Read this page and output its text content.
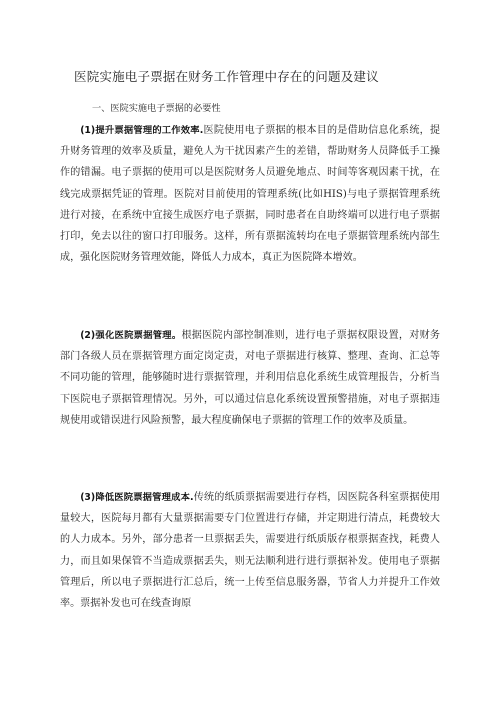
医院实施电子票据在财务工作管理中存在的问题及建议
一、医院实施电子票据的必要性

(1)提升票据管理的工作效率.医院使用电子票据的根本目的是借助信息化系统，提升财务管理的效率及质量，避免人为干扰因素产生的差错，帮助财务人员降低手工操作的错漏。电子票据的使用可以是医院财务人员避免地点、时间等客观因素干扰，在线完成票据凭证的管理。医院对目前使用的管理系统(比如HIS)与电子票据管理系统进行对接，在系统中宜接生成医疗电子票据，同时患者在自助终端可以进行电子票据打印，免去以往的窗口打印服务。这样，所有票据流转均在电子票据管理系统内部生成，强化医院财务管理效能，降低人力成本，真正为医院降本增效。

(2)强化医院票据管理。根据医院内部控制准则，进行电子票据权限设置，对财务部门各级人员在票据管理方面定岗定责，对电子票据进行核算、整理、查询、汇总等不同功能的管理，能够随时进行票据管理，并利用信息化系统生成管理报告，分析当下医院电子票据管理情况。另外，可以通过信息化系统设置预警措施，对电子票据违规使用或错误进行风险预警，最大程度确保电子票据的管理工作的效率及质量。

(3)降低医院票据管理成本.传统的纸质票据需要进行存档，因医院各科室票据使用量较大，医院每月都有大量票据需要专门位置进行存储，并定期进行清点，耗费较大的人力成本。另外，部分患者一旦票据丢失，需要进行纸质版存根票据查找，耗费人力，而且如果保管不当造成票据丢失，则无法顺利进行进行票据补发。使用电子票据管理后，所以电子票据进行汇总后，统一上传至信息服务器，节省人力并提升工作效率。票据补发也可在线查询原
